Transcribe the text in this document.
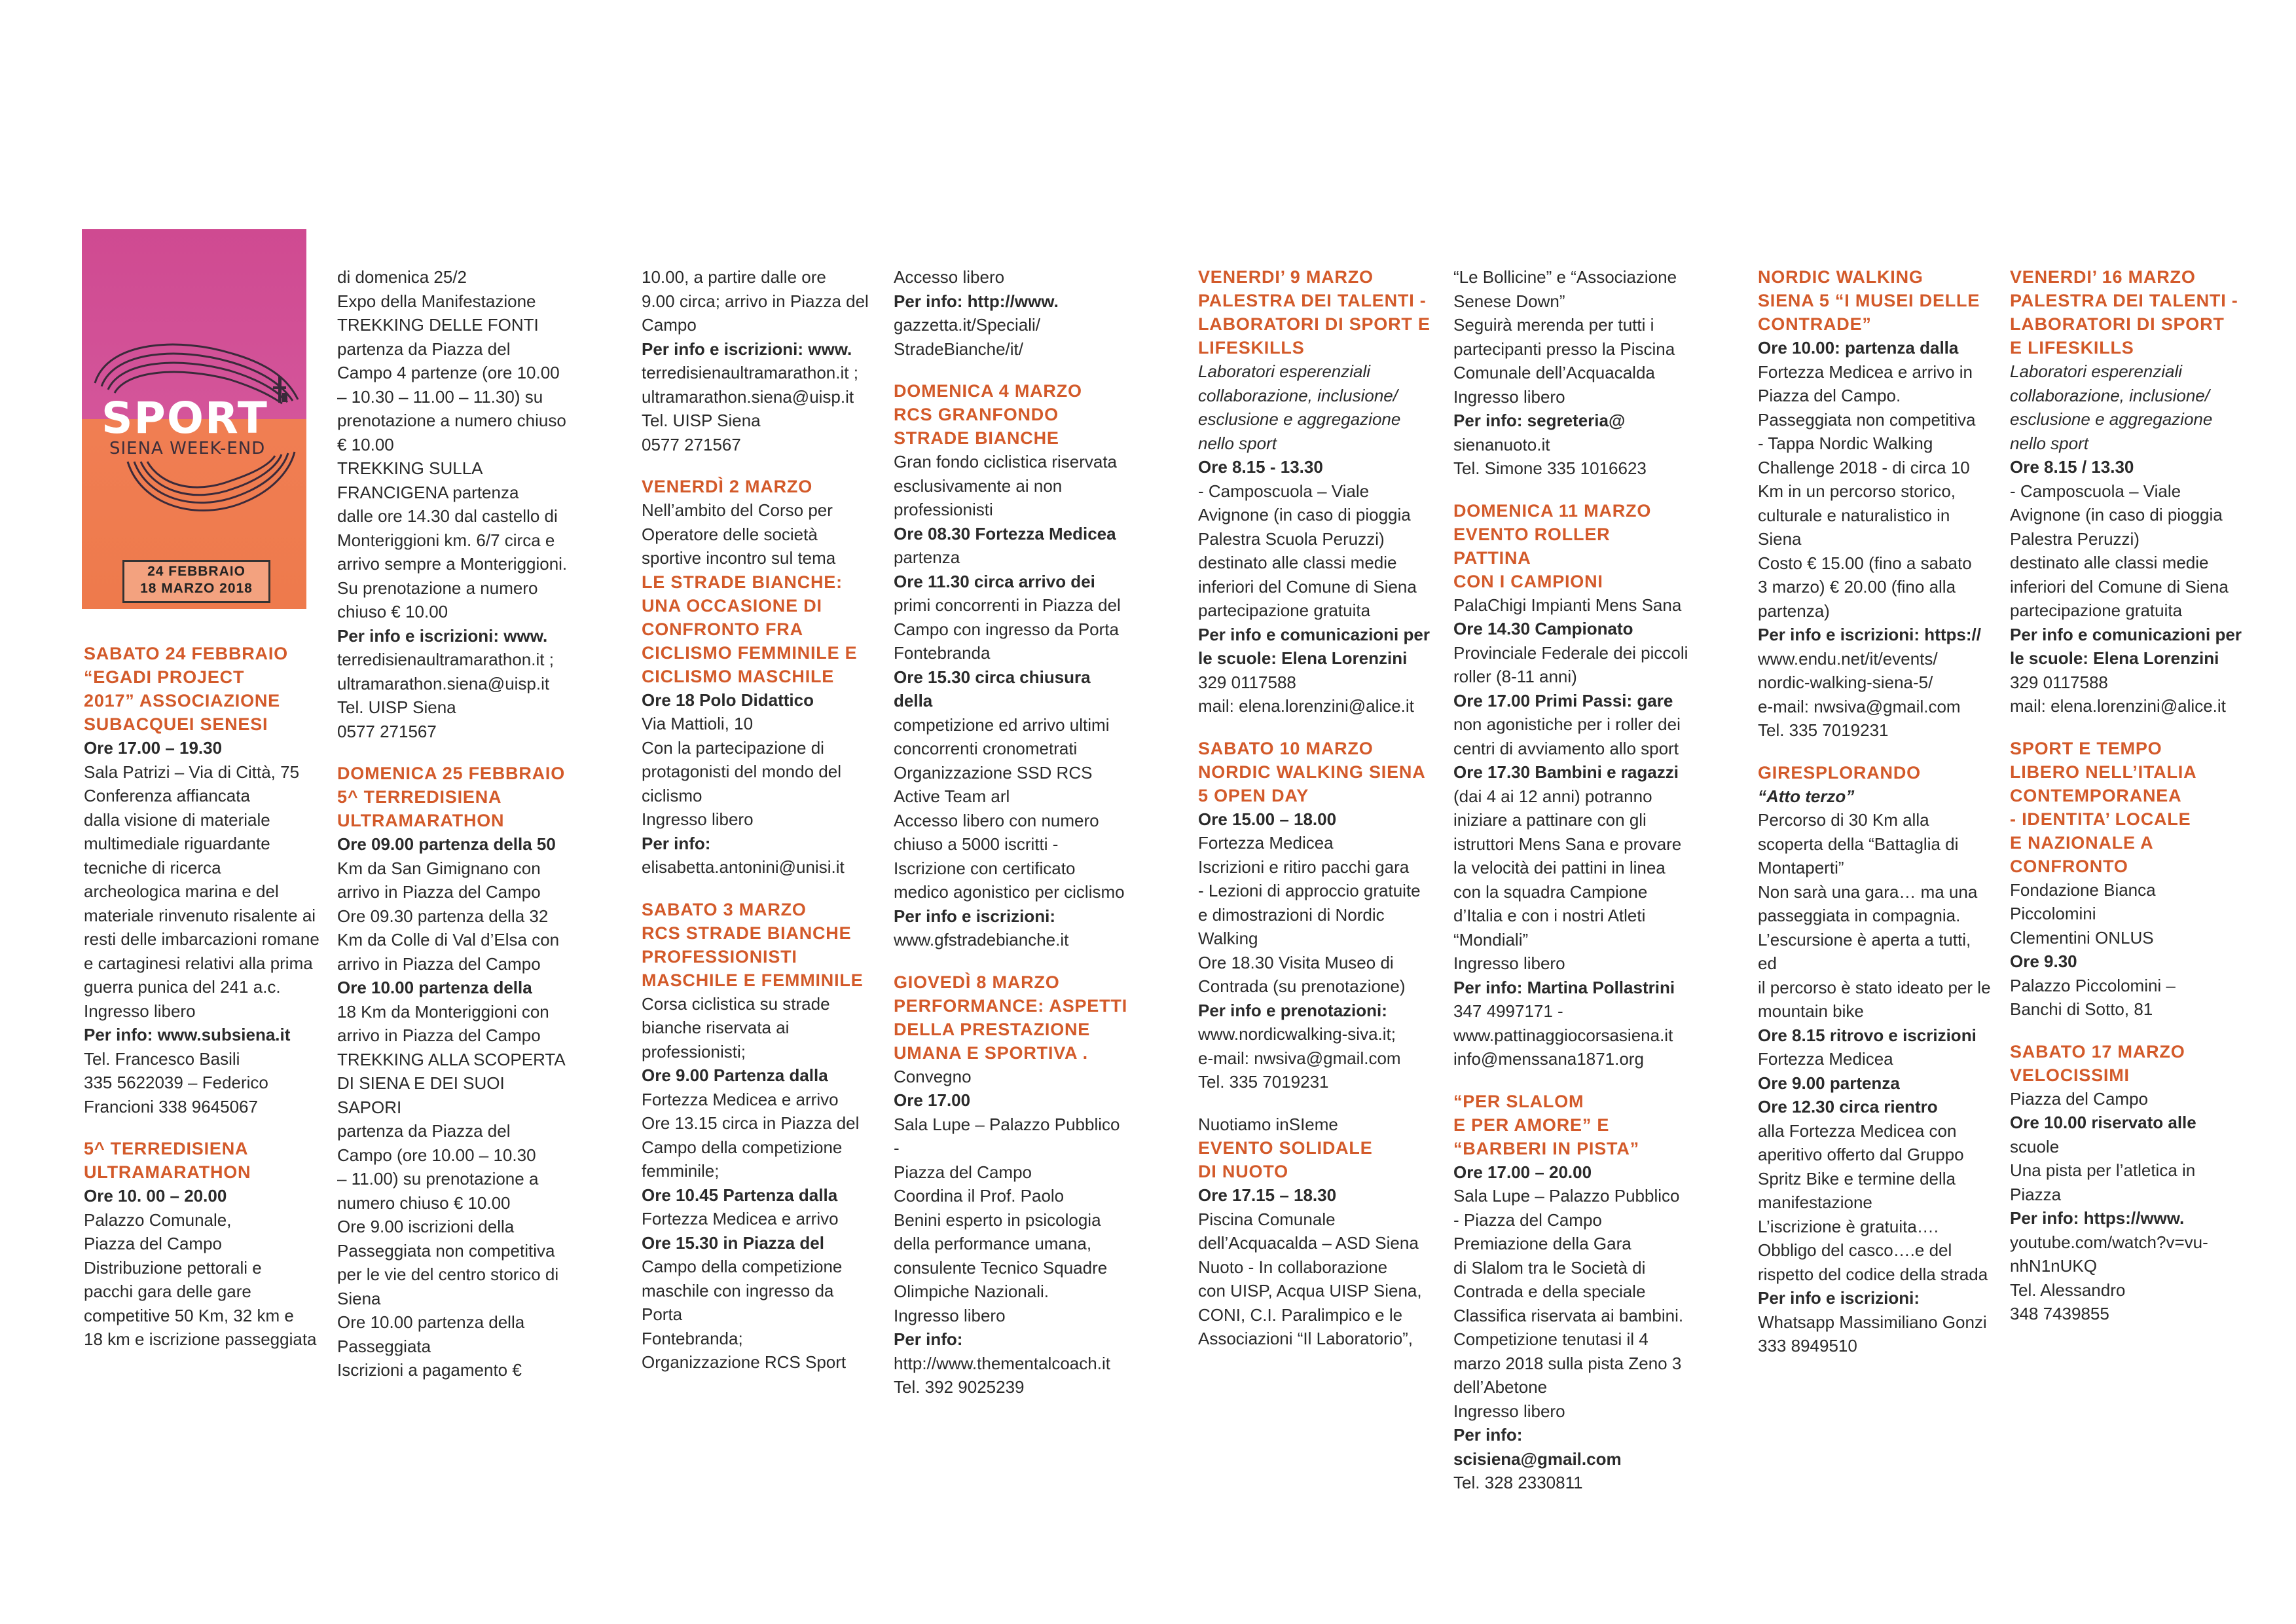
SPORT
SIENA WEEK-END
24 FEBBRAIO
18 MARZO 2018
SABATO 24 FEBBRAIO
“EGADI PROJECT
2017” ASSOCIAZIONE
SUBACQUEI SENESI
Ore 17.00 – 19.30
Sala Patrizi – Via di Città, 75
Conferenza affiancata
dalla visione di materiale
multimediale riguardante
tecniche di ricerca
archeologica marina e del
materiale rinvenuto risalente ai
resti delle imbarcazioni romane
e cartaginesi relativi alla prima
guerra punica del 241 a.c.
Ingresso libero
Per info: www.subsiena.it
Tel. Francesco Basili
335 5622039 – Federico
Francioni 338 9645067
5^ TERREDISIENA
ULTRAMARATHON
Ore 10. 00 – 20.00
Palazzo Comunale,
Piazza del Campo
Distribuzione pettorali e
pacchi gara delle gare
competitive 50 Km, 32 km e
18 km e iscrizione passeggiata
di domenica 25/2
Expo della Manifestazione
TREKKING DELLE FONTI
partenza da Piazza del
Campo 4 partenze (ore 10.00
– 10.30 – 11.00 – 11.30) su
prenotazione a numero chiuso
€ 10.00
TREKKING SULLA
FRANCIGENA partenza
dalle ore 14.30 dal castello di
Monteriggioni km. 6/7 circa e
arrivo sempre a Monteriggioni.
Su prenotazione a numero
chiuso € 10.00
Per info e iscrizioni: www.
terredisienaultramarathon.it ;
ultramarathon.siena@uisp.it
Tel. UISP Siena
0577 271567
DOMENICA 25 FEBBRAIO
5^ TERREDISIENA
ULTRAMARATHON
Ore 09.00 partenza della 50
Km da San Gimignano con
arrivo in Piazza del Campo
Ore 09.30 partenza della 32
Km da Colle di Val d’Elsa con
arrivo in Piazza del Campo
Ore 10.00 partenza della
18 Km da Monteriggioni con
arrivo in Piazza del Campo
TREKKING ALLA SCOPERTA
DI SIENA E DEI SUOI SAPORI
partenza da Piazza del
Campo (ore 10.00 – 10.30
– 11.00) su prenotazione a
numero chiuso € 10.00
Ore 9.00 iscrizioni della
Passeggiata non competitiva
per le vie del centro storico di
Siena
Ore 10.00 partenza della
Passeggiata
Iscrizioni a pagamento €
10.00, a partire dalle ore
9.00 circa; arrivo in Piazza del
Campo
Per info e iscrizioni: www.
terredisienaultramarathon.it ;
ultramarathon.siena@uisp.it
Tel. UISP Siena
0577 271567
VENERDÌ 2 MARZO
Nell’ambito del Corso per
Operatore delle società
sportive incontro sul tema
LE STRADE BIANCHE:
UNA OCCASIONE DI
CONFRONTO FRA
CICLISMO FEMMINILE E
CICLISMO MASCHILE
Ore 18 Polo Didattico
Via Mattioli, 10
Con la partecipazione di
protagonisti del mondo del
ciclismo
Ingresso libero
Per info:
elisabetta.antonini@unisi.it
SABATO 3 MARZO
RCS STRADE BIANCHE
PROFESSIONISTI
MASCHILE E FEMMINILE
Corsa ciclistica su strade
bianche riservata ai
professionisti;
Ore 9.00 Partenza dalla
Fortezza Medicea e arrivo
Ore 13.15 circa in Piazza del
Campo della competizione
femminile;
Ore 10.45 Partenza dalla
Fortezza Medicea e arrivo
Ore 15.30 in Piazza del
Campo della competizione
maschile con ingresso da Porta
Fontebranda;
Organizzazione RCS Sport
Accesso libero
Per info: http://www.
gazzetta.it/Speciali/
StradeBianche/it/
DOMENICA 4 MARZO
RCS GRANFONDO
STRADE BIANCHE
Gran fondo ciclistica riservata
esclusivamente ai non
professionisti
Ore 08.30 Fortezza Medicea
partenza
Ore 11.30 circa arrivo dei
primi concorrenti in Piazza del
Campo con ingresso da Porta
Fontebranda
Ore 15.30 circa chiusura della
competizione ed arrivo ultimi
concorrenti cronometrati
Organizzazione SSD RCS
Active Team arl
Accesso libero con numero
chiuso a 5000 iscritti -
Iscrizione con certificato
medico agonistico per ciclismo
Per info e iscrizioni:
www.gfstradebianche.it
GIOVEDÌ 8 MARZO
PERFORMANCE: ASPETTI
DELLA PRESTAZIONE
UMANA E SPORTIVA .
Convegno
Ore 17.00
Sala Lupe – Palazzo Pubblico -
Piazza del Campo
Coordina il Prof. Paolo
Benini esperto in psicologia
della performance umana,
consulente Tecnico Squadre
Olimpiche Nazionali.
Ingresso libero
Per info:
http://www.thementalcoach.it
Tel. 392 9025239
VENERDI’ 9 MARZO
PALESTRA DEI TALENTI -
LABORATORI DI SPORT E
LIFESKILLS
Laboratori esperenziali
collaborazione, inclusione/
esclusione e aggregazione
nello sport
Ore 8.15 - 13.30
- Camposcuola – Viale
Avignone (in caso di pioggia
Palestra Scuola Peruzzi)
destinato alle classi medie
inferiori del Comune di Siena
partecipazione gratuita
Per info e comunicazioni per
le scuole: Elena Lorenzini
329 0117588
mail: elena.lorenzini@alice.it
SABATO 10 MARZO
NORDIC WALKING SIENA
5 OPEN DAY
Ore 15.00 – 18.00
Fortezza Medicea
Iscrizioni e ritiro pacchi gara
- Lezioni di approccio gratuite
e dimostrazioni di Nordic
Walking
Ore 18.30 Visita Museo di
Contrada (su prenotazione)
Per info e prenotazioni:
www.nordicwalking-siva.it;
e-mail: nwsiva@gmail.com
Tel. 335 7019231
Nuotiamo inSIeme
EVENTO SOLIDALE
DI NUOTO
Ore 17.15 – 18.30
Piscina Comunale
dell’Acquacalda – ASD Siena
Nuoto - In collaborazione
con UISP, Acqua UISP Siena,
CONI, C.I. Paralimpico e le
Associazioni “Il Laboratorio”,
“Le Bollicine” e “Associazione
Senese Down”
Seguirà merenda per tutti i
partecipanti presso la Piscina
Comunale dell’Acquacalda
Ingresso libero
Per info: segreteria@
sienanuoto.it
Tel. Simone 335 1016623
DOMENICA 11 MARZO
EVENTO ROLLER PATTINA
CON I CAMPIONI
PalaChigi Impianti Mens Sana
Ore 14.30 Campionato
Provinciale Federale dei piccoli
roller (8-11 anni)
Ore 17.00 Primi Passi: gare
non agonistiche per i roller dei
centri di avviamento allo sport
Ore 17.30 Bambini e ragazzi
(dai 4 ai 12 anni) potranno
iniziare a pattinare con gli
istruttori Mens Sana e provare
la velocità dei pattini in linea
con la squadra Campione
d’Italia e con i nostri Atleti
“Mondiali”
Ingresso libero
Per info: Martina Pollastrini
347 4997171 -
www.pattinaggiocorsasiena.it
info@menssana1871.org
“PER SLALOM
E PER AMORE” E
“BARBERI IN PISTA”
Ore 17.00 – 20.00
Sala Lupe – Palazzo Pubblico
- Piazza del Campo
Premiazione della Gara
di Slalom tra le Società di
Contrada e della speciale
Classifica riservata ai bambini.
Competizione tenutasi il 4
marzo 2018 sulla pista Zeno 3
dell’Abetone
Ingresso libero
Per info: scisiena@gmail.com
Tel. 328 2330811
NORDIC WALKING
SIENA 5 “I MUSEI DELLE
CONTRADE”
Ore 10.00: partenza dalla
Fortezza Medicea e arrivo in
Piazza del Campo.
Passeggiata non competitiva
- Tappa Nordic Walking
Challenge 2018 - di circa 10
Km in un percorso storico,
culturale e naturalistico in
Siena
Costo € 15.00 (fino a sabato
3 marzo) € 20.00 (fino alla
partenza)
Per info e iscrizioni: https://
www.endu.net/it/events/
nordic-walking-siena-5/
e-mail: nwsiva@gmail.com
Tel. 335 7019231
GIRESPLORANDO
“Atto terzo”
Percorso di 30 Km alla
scoperta della “Battaglia di
Montaperti”
Non sarà una gara… ma una
passeggiata in compagnia.
L’escursione è aperta a tutti, ed
il percorso è stato ideato per le
mountain bike
Ore 8.15 ritrovo e iscrizioni
Fortezza Medicea
Ore 9.00 partenza
Ore 12.30 circa rientro
alla Fortezza Medicea con
aperitivo offerto dal Gruppo
Spritz Bike e termine della
manifestazione
L’iscrizione è gratuita….
Obbligo del casco….e del
rispetto del codice della strada
Per info e iscrizioni:
Whatsapp Massimiliano Gonzi
333 8949510
VENERDI’ 16 MARZO
PALESTRA DEI TALENTI -
LABORATORI DI SPORT
E LIFESKILLS
Laboratori esperenziali
collaborazione, inclusione/
esclusione e aggregazione
nello sport
Ore 8.15 / 13.30
- Camposcuola – Viale
Avignone (in caso di pioggia
Palestra Peruzzi)
destinato alle classi medie
inferiori del Comune di Siena
partecipazione gratuita
Per info e comunicazioni per
le scuole: Elena Lorenzini
329 0117588
mail: elena.lorenzini@alice.it
SPORT E TEMPO
LIBERO NELL’ITALIA
CONTEMPORANEA
- IDENTITA’ LOCALE
E NAZIONALE A
CONFRONTO
Fondazione Bianca Piccolomini
Clementini ONLUS
Ore 9.30
Palazzo Piccolomini –
Banchi di Sotto, 81
SABATO 17 MARZO
VELOCISSIMI
Piazza del Campo
Ore 10.00 riservato alle
scuole
Una pista per l’atletica in
Piazza
Per info: https://www.
youtube.com/watch?v=vu-
nhN1nUKQ
Tel. Alessandro
348 7439855
